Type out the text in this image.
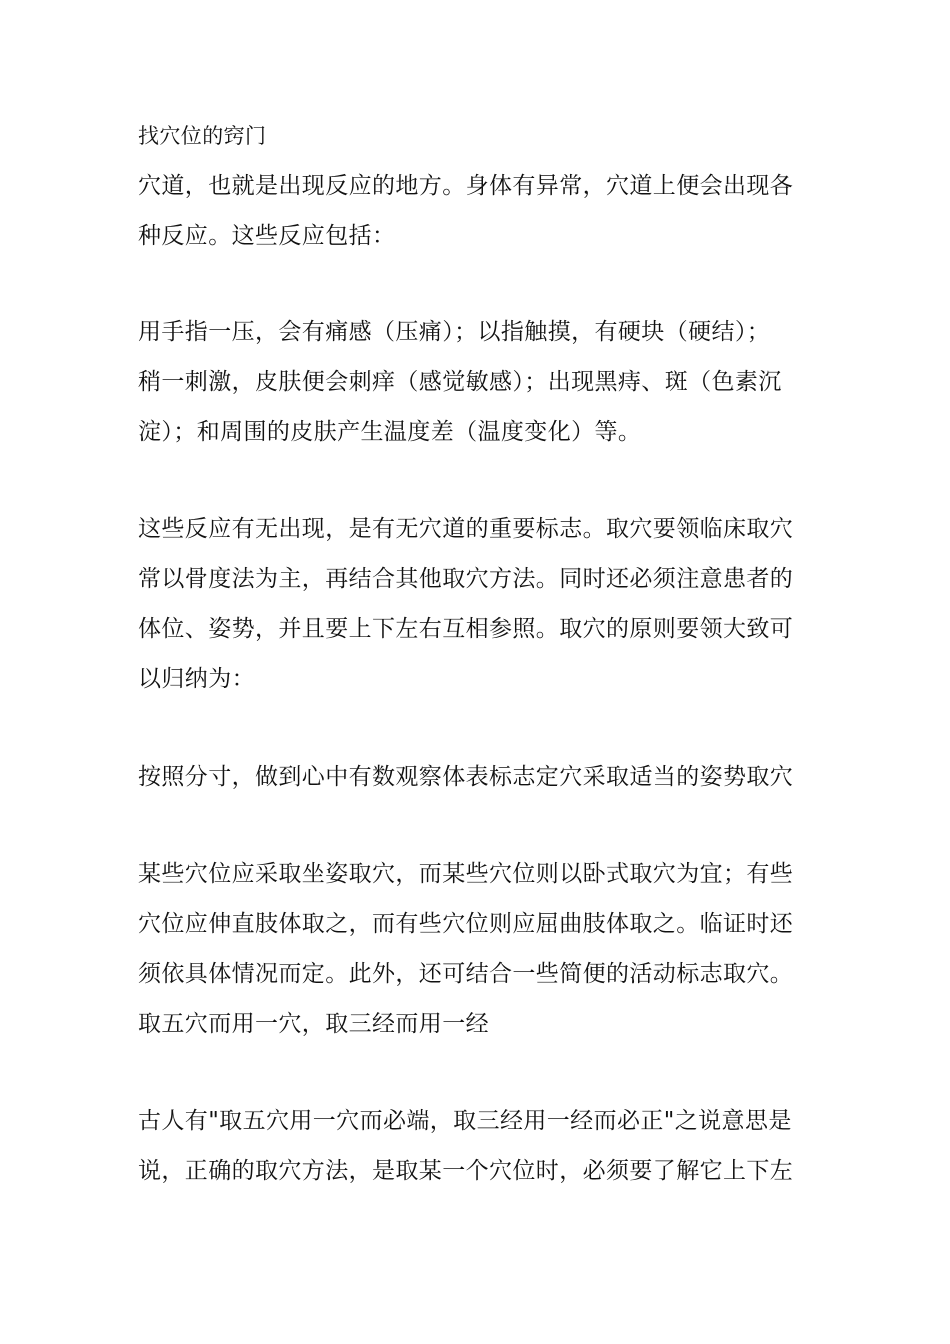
找穴位的窍门
穴道，也就是出现反应的地方。身体有异常，穴道上便会出现各
种反应。这些反应包括：
用手指一压，会有痛感（压痛）；以指触摸，有硬块（硬结）；
稍一刺激，皮肤便会刺痒（感觉敏感）；出现黑痔、斑（色素沉
淀）；和周围的皮肤产生温度差（温度变化）等。
这些反应有无出现，是有无穴道的重要标志。取穴要领临床取穴
常以骨度法为主，再结合其他取穴方法。同时还必须注意患者的
体位、姿势，并且要上下左右互相参照。取穴的原则要领大致可
以归纳为：
按照分寸，做到心中有数观察体表标志定穴采取适当的姿势取穴
某些穴位应采取坐姿取穴，而某些穴位则以卧式取穴为宜；有些
穴位应伸直肢体取之，而有些穴位则应屈曲肢体取之。临证时还
须依具体情况而定。此外，还可结合一些简便的活动标志取穴。
取五穴而用一穴，取三经而用一经
古人有"取五穴用一穴而必端，取三经用一经而必正"之说意思是
说，正确的取穴方法，是取某一个穴位时，必须要了解它上下左
